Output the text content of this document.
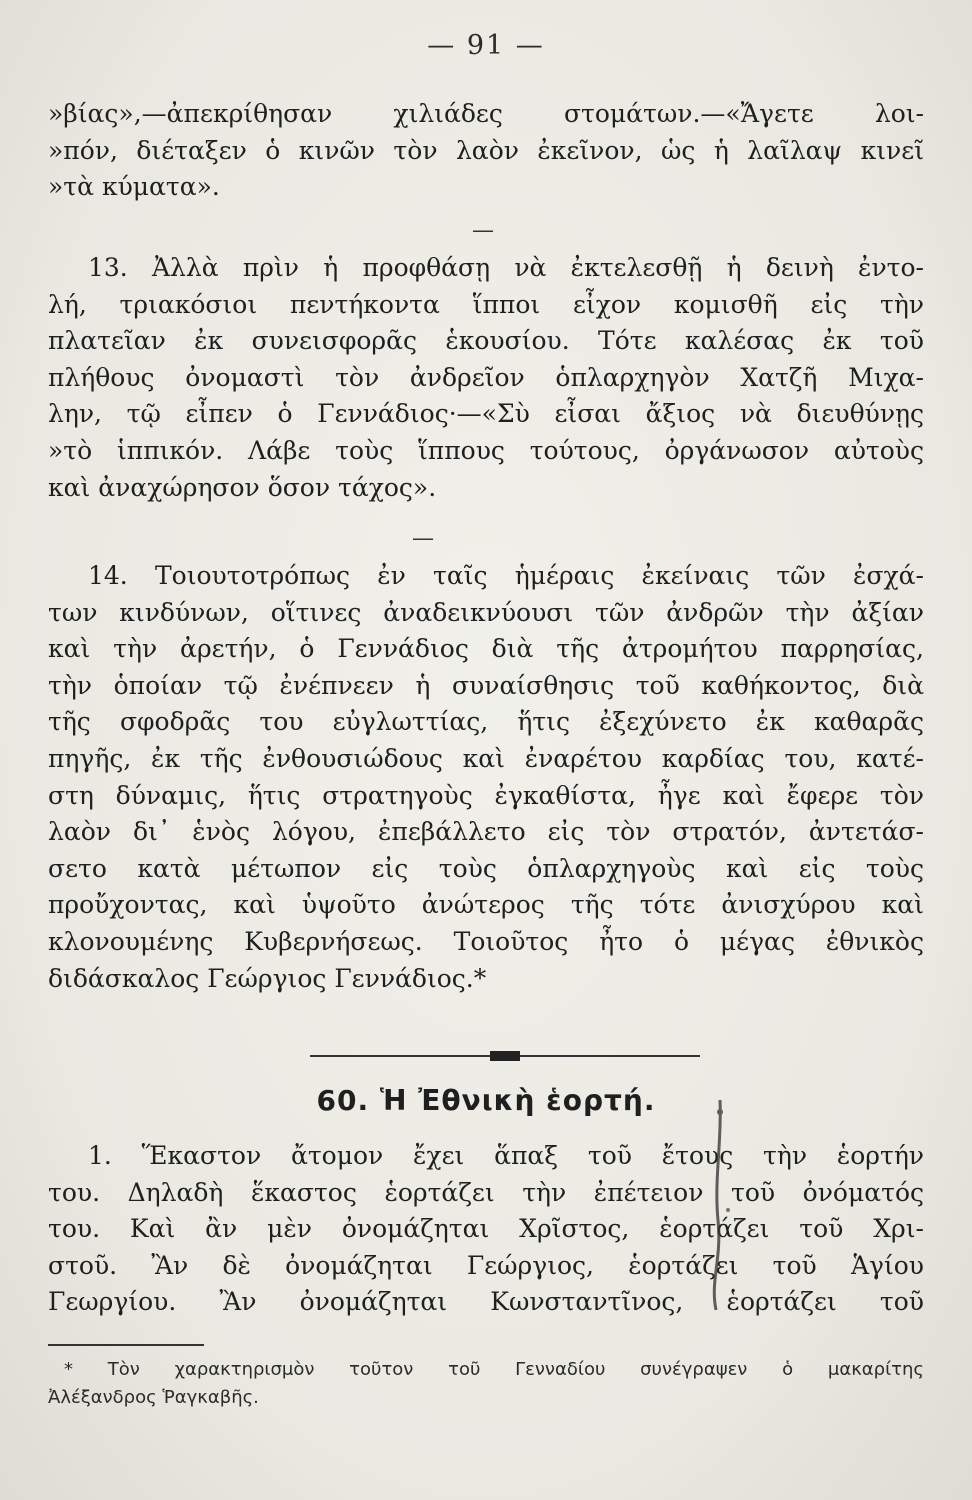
— 91 —
»βίας»,—ἀπεκρίθησαν χιλιάδες στομάτων.—«Ἄγετε λοι-
»πόν, διέταξεν ὁ κινῶν τὸν λαὸν ἐκεῖνον, ὡς ἡ λαῖλαψ κινεῖ
»τὰ κύματα».
—
13. Ἀλλὰ πρὶν ἡ προφθάσῃ νὰ ἐκτελεσθῇ ἡ δεινὴ ἐντο-
λή, τριακόσιοι πεντήκοντα ἵπποι εἶχον κομισθῆ εἰς τὴν
πλατεῖαν ἐκ συνεισφορᾶς ἑκουσίου. Τότε καλέσας ἐκ τοῦ
πλήθους ὀνομαστὶ τὸν ἀνδρεῖον ὁπλαρχηγὸν Χατζῆ Μιχα-
λην, τῷ εἶπεν ὁ Γεννάδιος·—«Σὺ εἶσαι ἄξιος νὰ διευθύνῃς
»τὸ ἱππικόν. Λάβε τοὺς ἵππους τούτους, ὀργάνωσον αὐτοὺς
καὶ ἀναχώρησον ὅσον τάχος».
—
14. Τοιουτοτρόπως ἐν ταῖς ἡμέραις ἐκείναις τῶν ἐσχά-
των κινδύνων, οἵτινες ἀναδεικνύουσι τῶν ἀνδρῶν τὴν ἀξίαν
καὶ τὴν ἀρετήν, ὁ Γεννάδιος διὰ τῆς ἀτρομήτου παρρησίας,
τὴν ὁποίαν τῷ ἐνέπνεεν ἡ συναίσθησις τοῦ καθήκοντος, διὰ
τῆς σφοδρᾶς του εὐγλωττίας, ἥτις ἐξεχύνετο ἐκ καθαρᾶς
πηγῆς, ἐκ τῆς ἐνθουσιώδους καὶ ἐναρέτου καρδίας του, κατέ-
στη δύναμις, ἥτις στρατηγοὺς ἐγκαθίστα, ἦγε καὶ ἔφερε τὸν
λαὸν δι᾽ ἑνὸς λόγου, ἐπεβάλλετο εἰς τὸν στρατόν, ἀντετάσ-
σετο κατὰ μέτωπον εἰς τοὺς ὁπλαρχηγοὺς καὶ εἰς τοὺς
προὔχοντας, καὶ ὑψοῦτο ἀνώτερος τῆς τότε ἀνισχύρου καὶ
κλονουμένης Κυβερνήσεως. Τοιοῦτος ἦτο ὁ μέγας ἐθνικὸς
διδάσκαλος Γεώργιος Γεννάδιος.*
60. Ἡ Ἐθνικὴ ἑορτή.
1. Ἕκαστον ἄτομον ἔχει ἅπαξ τοῦ ἔτους τὴν ἑορτήν
του. Δηλαδὴ ἕκαστος ἑορτάζει τὴν ἐπέτειον τοῦ ὀνόματός
του. Καὶ ἂν μὲν ὀνομάζηται Χρῖστος, ἑορτάζει τοῦ Χρι-
στοῦ. Ἂν δὲ ὀνομάζηται Γεώργιος, ἑορτάζει τοῦ Ἁγίου
Γεωργίου. Ἂν ὀνομάζηται Κωνσταντῖνος, ἑορτάζει τοῦ
* Τὸν χαρακτηρισμὸν τοῦτον τοῦ Γενναδίου συνέγραψεν ὁ μακαρίτης
Ἀλέξανδρος Ῥαγκαβῆς.
